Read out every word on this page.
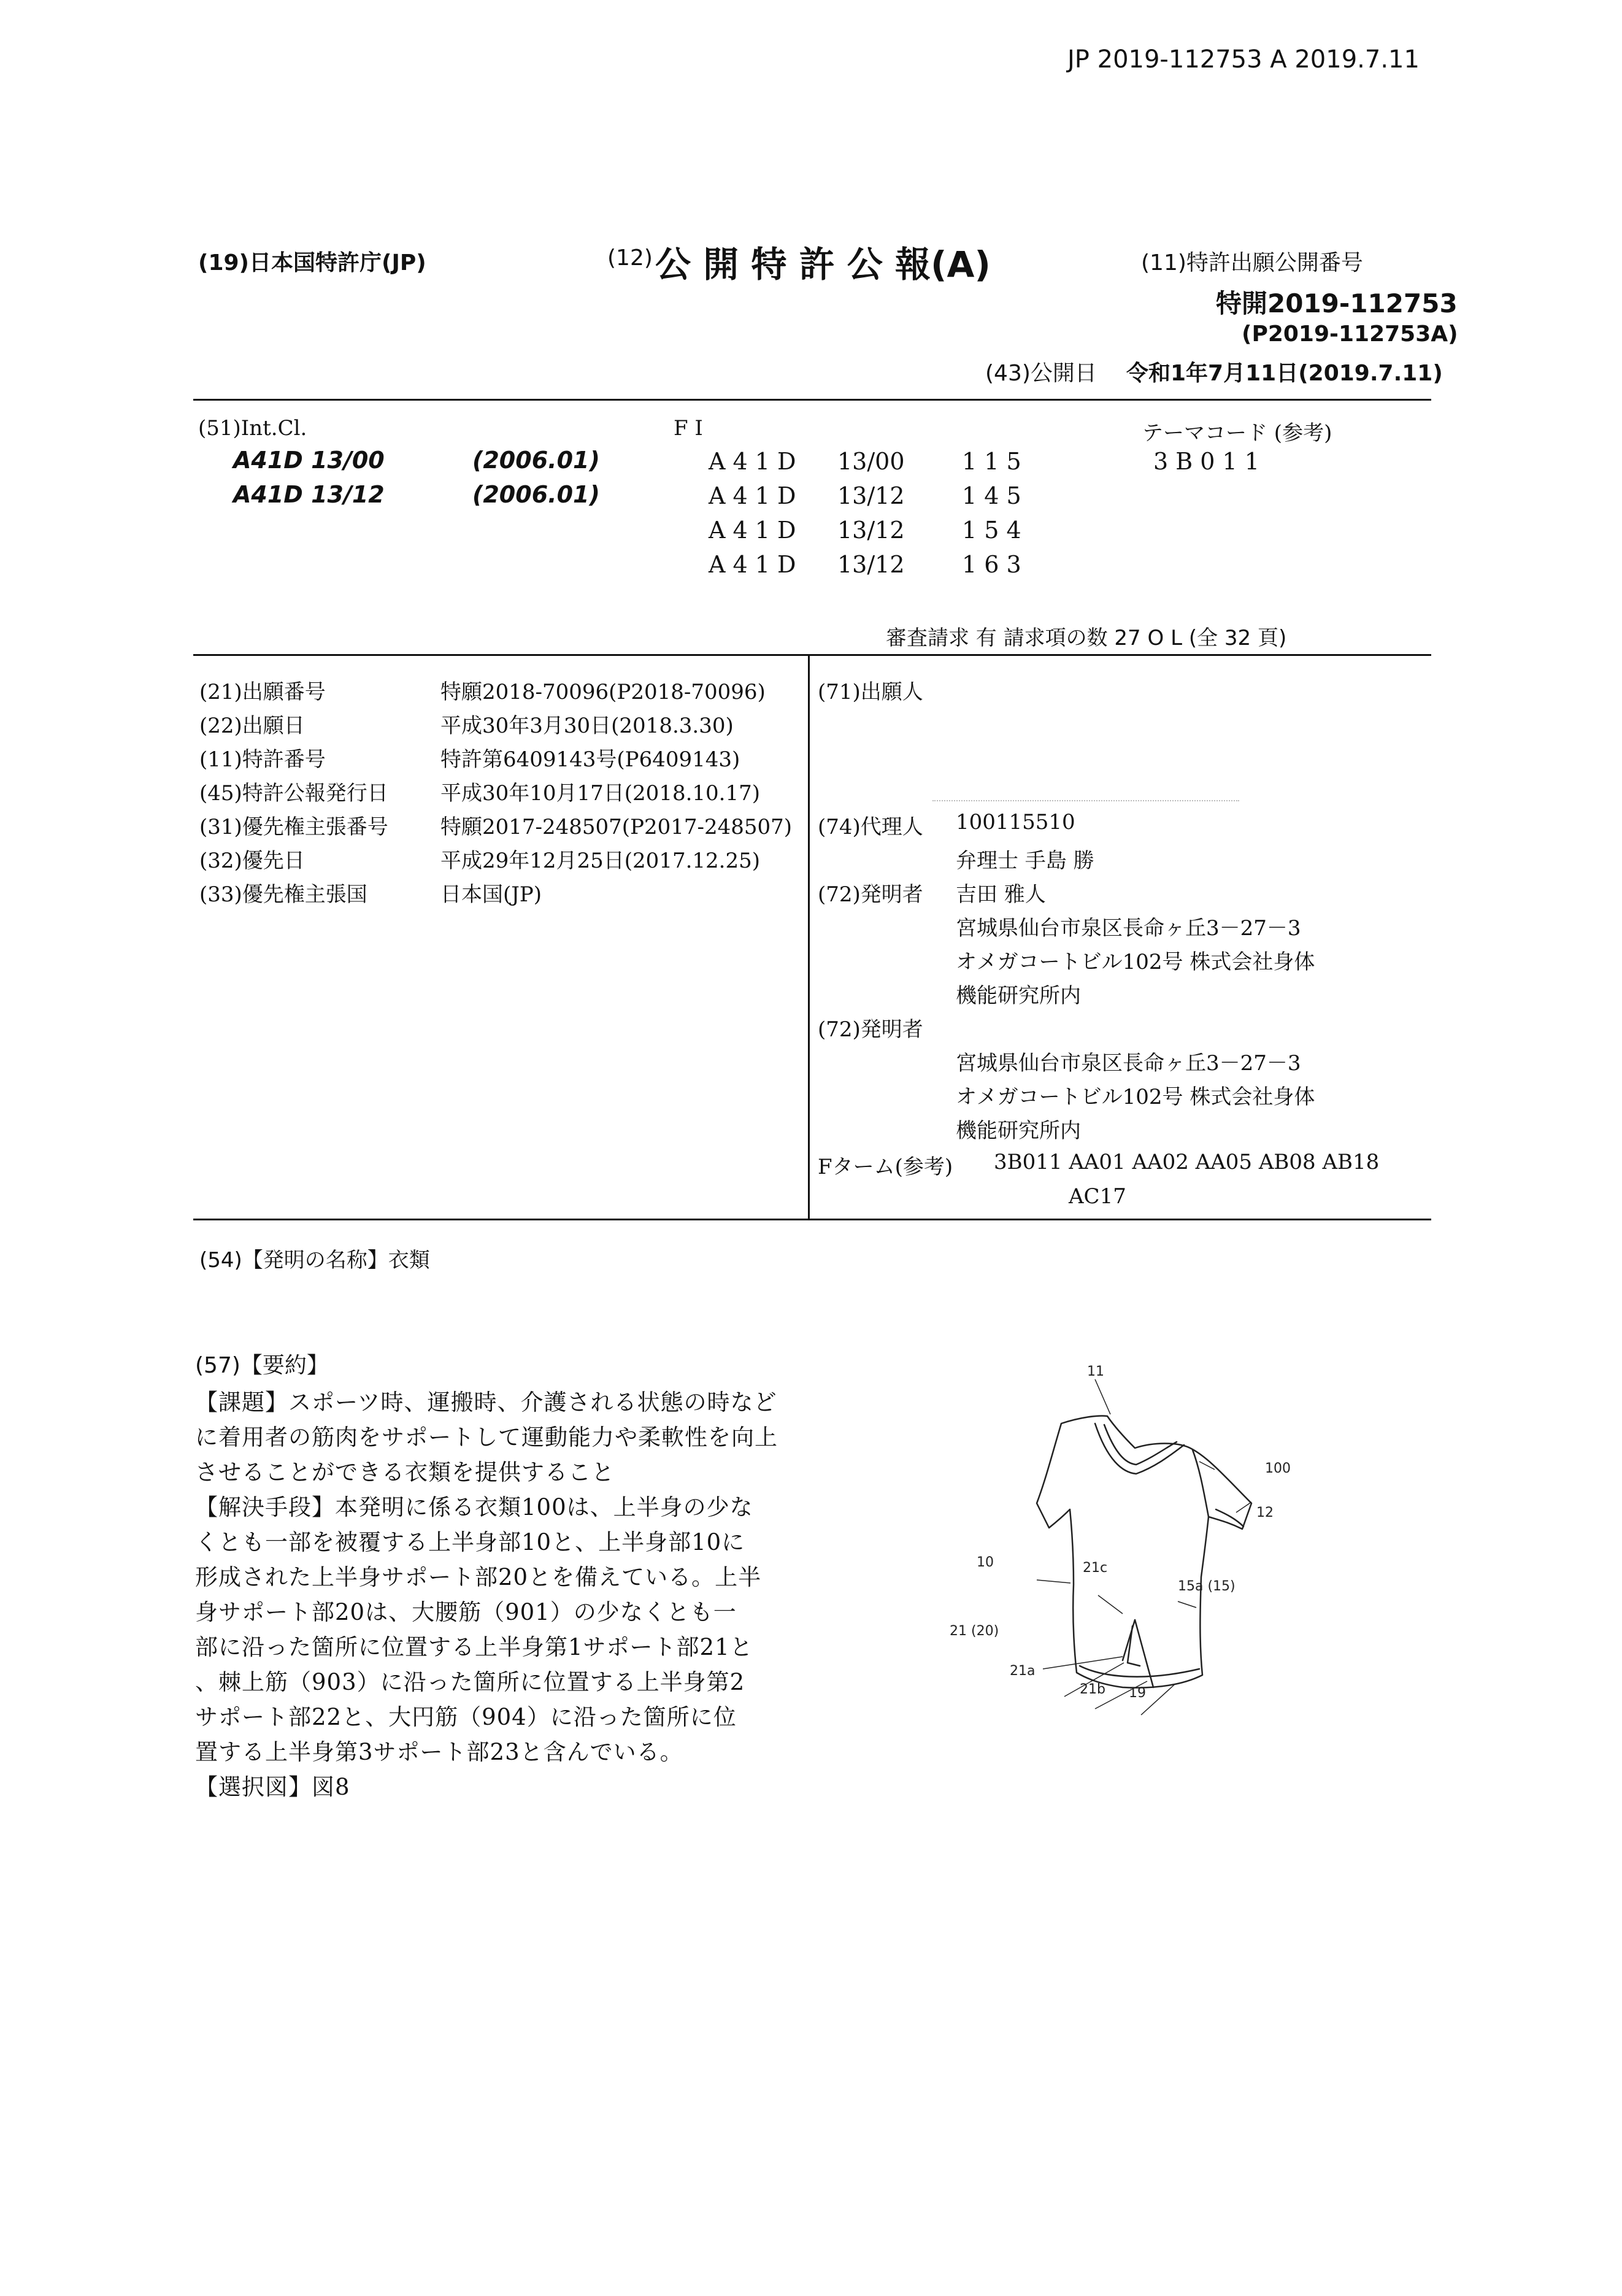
JP 2019-112753 A 2019.7.11
(19)日本国特許庁(JP)	(12) 公 開 特 許 公 報(A)	(11)特許出願公開番号
特開2019-112753
(P2019-112753A)
(43)公開日 令和1年7月11日(2019.7.11)
(51)Int.Cl.
A41D 13/00	(2006.01)
A41D 13/12	(2006.01)
F I
A 4 1 D 13/00 1 1 5
A 4 1 D 13/12 1 4 5
A 4 1 D 13/12 1 5 4
A 4 1 D 13/12 1 6 3
テーマコード (参考)
3 B 0 1 1
審査請求 有 請求項の数 27 O L (全 32 頁)
(21)出願番号	特願2018-70096(P2018-70096)
(22)出願日	平成30年3月30日(2018.3.30)
(11)特許番号	特許第6409143号(P6409143)
(45)特許公報発行日	平成30年10月17日(2018.10.17)
(31)優先権主張番号	特願2017-248507(P2017-248507)
(32)優先日	平成29年12月25日(2017.12.25)
(33)優先権主張国	日本国(JP)
(71)出願人
(74)代理人 100115510
弁理士 手島 勝
(72)発明者 吉田 雅人
宮城県仙台市泉区長命ヶ丘3－27－3
オメガコートビル102号 株式会社身体
機能研究所内
(72)発明者
宮城県仙台市泉区長命ヶ丘3－27－3
オメガコートビル102号 株式会社身体
機能研究所内
Fターム(参考) 3B011 AA01 AA02 AA05 AB08 AB18
AC17
(54)【発明の名称】衣類
(57)【要約】
【課題】スポーツ時、運搬時、介護される状態の時など
に着用者の筋肉をサポートして運動能力や柔軟性を向上
させることができる衣類を提供すること
【解決手段】本発明に係る衣類100は、上半身の少な
くとも一部を被覆する上半身部10と、上半身部10に
形成された上半身サポート部20とを備えている。上半
身サポート部20は、大腰筋（901）の少なくとも一
部に沿った箇所に位置する上半身第1サポート部21と
、棘上筋（903）に沿った箇所に位置する上半身第2
サポート部22と、大円筋（904）に沿った箇所に位
置する上半身第3サポート部23と含んでいる。
【選択図】図8
11
100
12
10	21c
15a (15)
21 (20)
21a
21b 19
